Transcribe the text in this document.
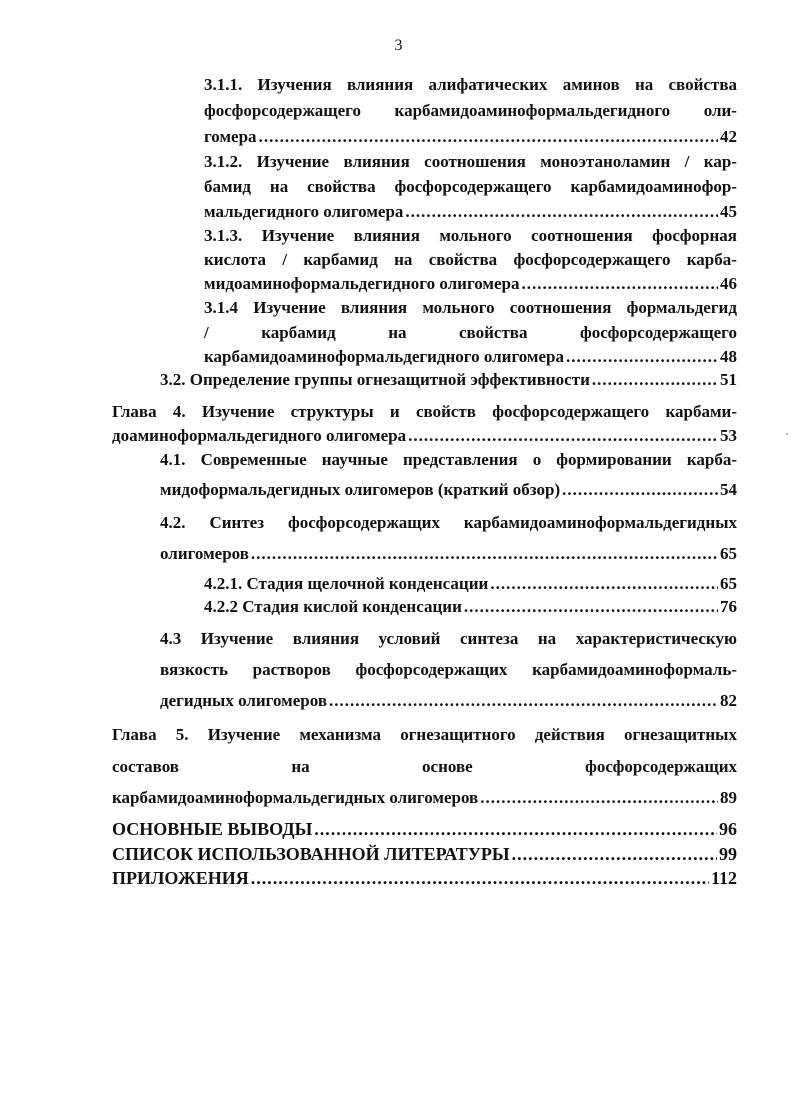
3
3.1.1. Изучения влияния алифатических аминов на свойства
фосфорсодержащего карбамидоаминоформальдегидного оли-
гомера .....	42
3.1.2. Изучение влияния соотношения моноэтаноламин / кар-
бамид на свойства фосфорсодержащего карбамидоаминофор-
мальдегидного олигомера .....	45
3.1.3. Изучение влияния мольного соотношения фосфорная
кислота / карбамид на свойства фосфорсодержащего карба-
мидоаминоформальдегидного олигомера .....	46
3.1.4 Изучение влияния мольного соотношения формальдегид
/	карбамид	на	свойства	фосфорсодержащего
карбамидоаминоформальдегидного олигомера .....	48
3.2. Определение группы огнезащитной эффективности .....	51
Глава 4. Изучение структуры и свойств фосфорсодержащего карбами-
доаминоформальдегидного олигомера .....	53
4.1. Современные научные представления о формировании карба-
мидоформальдегидных олигомеров (краткий обзор) .....	54
4.2. Синтез фосфорсодержащих карбамидоаминоформальдегидных
олигомеров .....	65
4.2.1. Стадия щелочной конденсации .....	65
4.2.2 Стадия кислой конденсации .....	76
4.3 Изучение влияния условий синтеза на характеристическую
вязкость растворов фосфорсодержащих карбамидоаминоформаль-
дегидных олигомеров .....	82
Глава 5. Изучение механизма огнезащитного действия огнезащитных
составов	на	основе	фосфорсодержащих
карбамидоаминоформальдегидных олигомеров .....	89
ОСНОВНЫЕ ВЫВОДЫ .....	96
СПИСОК ИСПОЛЬЗОВАННОЙ ЛИТЕРАТУРЫ .....	99
ПРИЛОЖЕНИЯ .....	112
